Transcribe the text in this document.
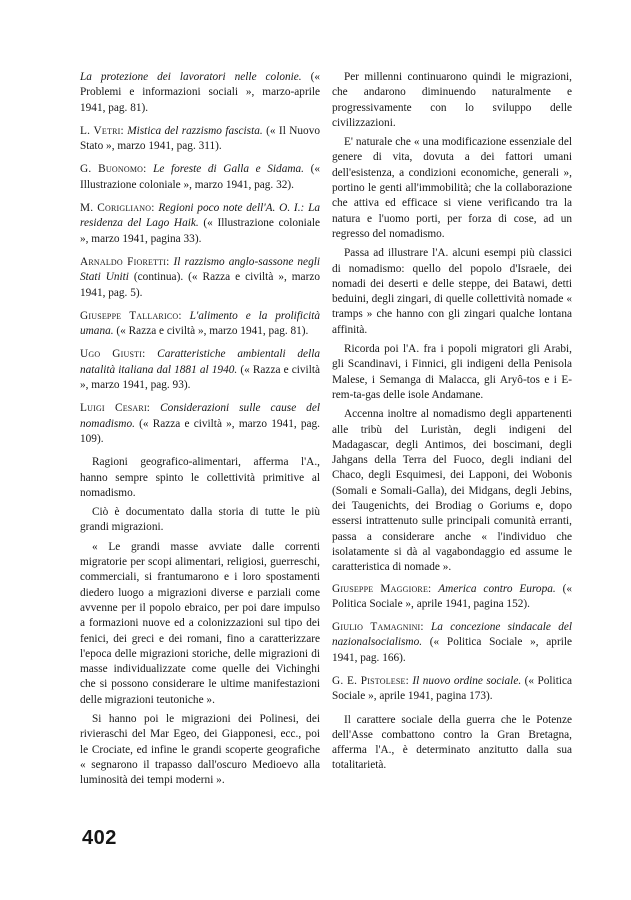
La protezione dei lavoratori nelle colonie. (« Problemi e informazioni sociali », marzo-aprile 1941, pag. 81).
L. Vetri: Mistica del razzismo fascista. (« Il Nuovo Stato », marzo 1941, pag. 311).
G. Buonomo: Le foreste di Galla e Sidama. (« Illustrazione coloniale », marzo 1941, pag. 32).
M. Corigliano: Regioni poco note dell'A. O. I.: La residenza del Lago Haik. (« Illustrazione coloniale », marzo 1941, pagina 33).
Arnaldo Fioretti: Il razzismo anglo-sassone negli Stati Uniti (continua). (« Razza e civiltà », marzo 1941, pag. 5).
Giuseppe Tallarico: L'alimento e la prolificità umana. (« Razza e civiltà », marzo 1941, pag. 81).
Ugo Giusti: Caratteristiche ambientali della natalità italiana dal 1881 al 1940. (« Razza e civiltà », marzo 1941, pag. 93).
Luigi Cesari: Considerazioni sulle cause del nomadismo. (« Razza e civiltà », marzo 1941, pag. 109).

Ragioni geografico-alimentari, afferma l'A., hanno sempre spinto le collettività primitive al nomadismo.

Ciò è documentato dalla storia di tutte le più grandi migrazioni.

« Le grandi masse avviate dalle correnti migratorie per scopi alimentari, religiosi, guerreschi, commerciali, si frantumarono e i loro spostamenti diedero luogo a migrazioni diverse e parziali come avvenne per il popolo ebraico, per poi dare impulso a formazioni nuove ed a colonizzazioni sul tipo dei fenici, dei greci e dei romani, fino a caratterizzare l'epoca delle migrazioni storiche, delle migrazioni di masse individualizzate come quelle dei Vichinghi che si possono considerare le ultime manifestazioni delle migrazioni teutoniche ».

Si hanno poi le migrazioni dei Polinesi, dei rivieraschi del Mar Egeo, dei Giapponesi, ecc., poi le Crociate, ed infine le grandi scoperte geografiche « segnarono il trapasso dall'oscuro Medioevo alla luminosità dei tempi moderni ».

Per millenni continuarono quindi le migrazioni, che andarono diminuendo naturalmente e progressivamente con lo sviluppo delle civilizzazioni.

E' naturale che « una modificazione essenziale del genere di vita, dovuta a dei fattori umani dell'esistenza, a condizioni economiche, generali », portino le genti all'immobilità; che la collaborazione che attiva ed efficace si viene verificando tra la natura e l'uomo porti, per forza di cose, ad un regresso del nomadismo.

Passa ad illustrare l'A. alcuni esempi più classici di nomadismo: quello del popolo d'Israele, dei nomadi dei deserti e delle steppe, dei Batawi, detti beduini, degli zingari, di quelle collettività nomade « tramps » che hanno con gli zingari qualche lontana affinità.

Ricorda poi l'A. fra i popoli migratori gli Arabi, gli Scandinavi, i Finnici, gli indigeni della Penisola Malese, i Semanga di Malacca, gli Aryô-tos e i E-rem-ta-gas delle isole Andamane.

Accenna inoltre al nomadismo degli appartenenti alle tribù del Luristàn, degli indigeni del Madagascar, degli Antimos, dei boscimani, degli Jahgans della Terra del Fuoco, degli indiani del Chaco, degli Esquimesi, dei Lapponi, dei Wobonis (Somali e Somali-Galla), dei Midgans, degli Jebins, dei Taugenichts, dei Brodiag o Goriums e, dopo essersi intrattenuto sulle principali comunità erranti, passa a considerare anche « l'individuo che isolatamente si dà al vagabondaggio ed assume le caratteristica di nomade ».

Giuseppe Maggiore: America contro Europa. (« Politica Sociale », aprile 1941, pagina 152).
Giulio Tamagnini: La concezione sindacale del nazionalsocialismo. (« Politica Sociale », aprile 1941, pag. 166).
G. E. Pistolese: Il nuovo ordine sociale. (« Politica Sociale », aprile 1941, pagina 173).

Il carattere sociale della guerra che le Potenze dell'Asse combattono contro la Gran Bretagna, afferma l'A., è determinato anzitutto dalla sua totalitarietà.

402
